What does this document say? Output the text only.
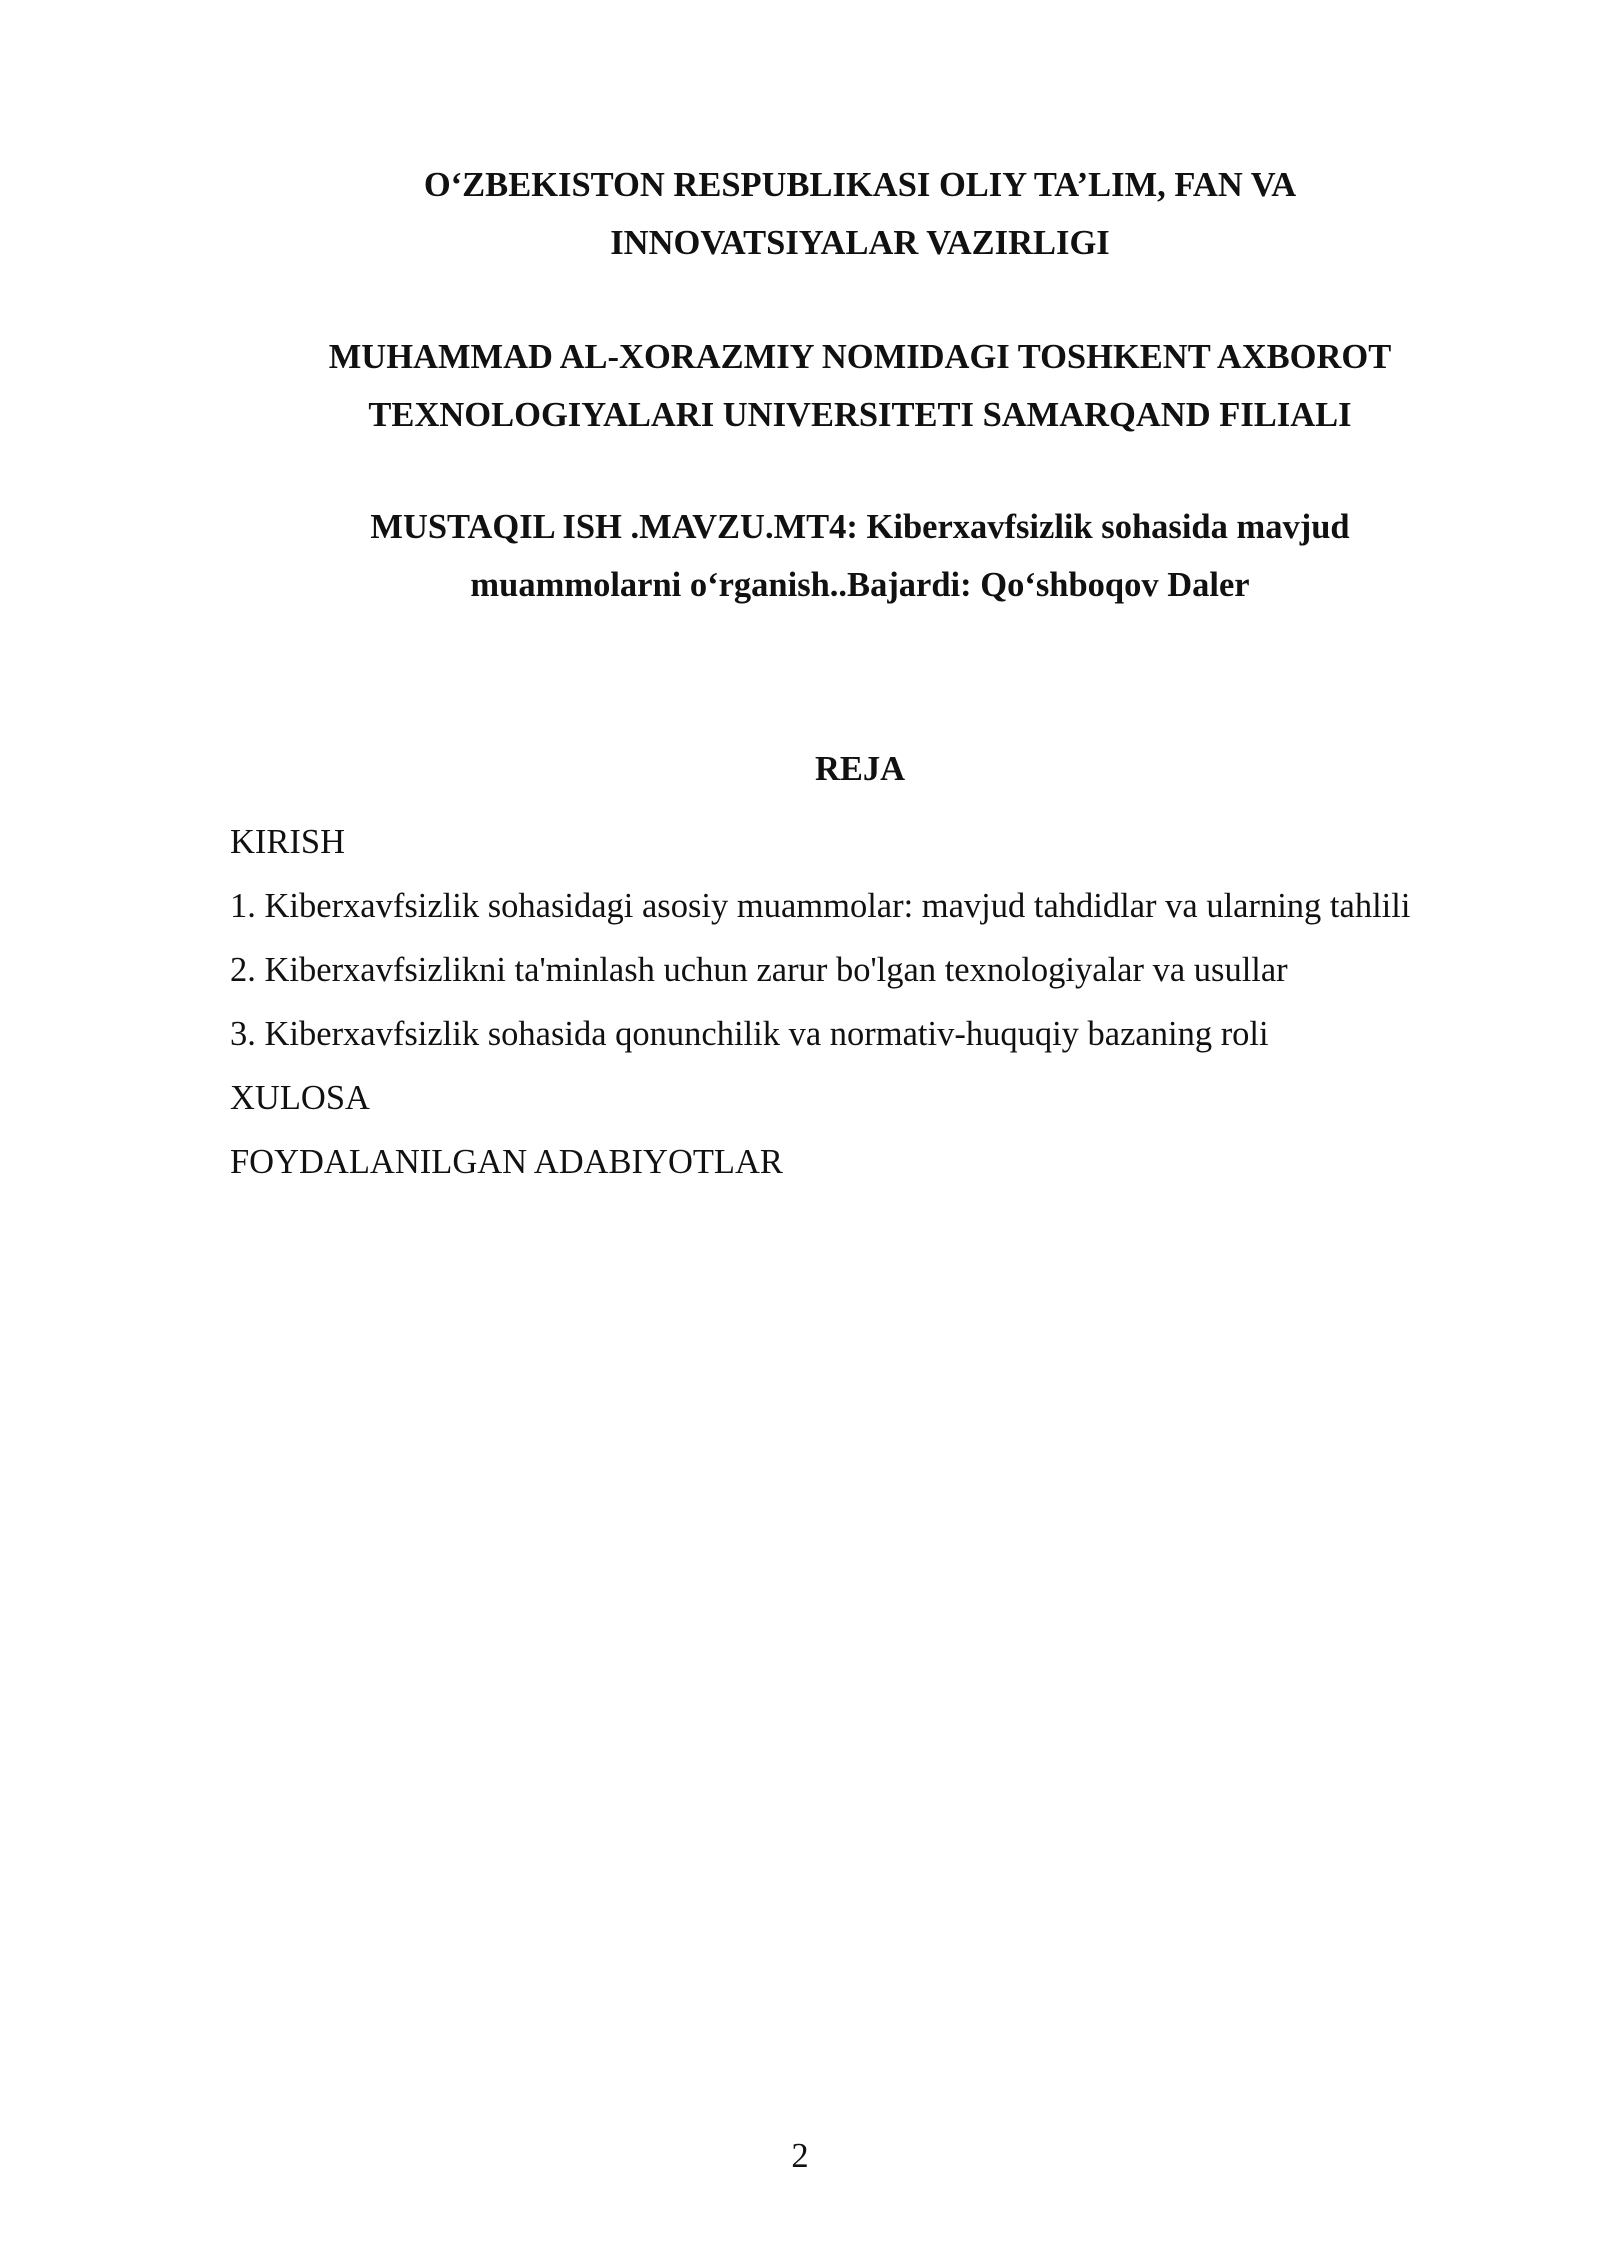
O‘ZBEKISTON RESPUBLIKASI OLIY TA’LIM, FAN VA
INNOVATSIYALAR VAZIRLIGI
MUHAMMAD AL-XORAZMIY NOMIDAGI TOSHKENT AXBOROT
TEXNOLOGIYALARI UNIVERSITETI SAMARQAND FILIALI
MUSTAQIL ISH .MAVZU.MT4: Kiberxavfsizlik sohasida mavjud
muammolarni o‘rganish..Bajardi: Qo‘shboqov Daler
REJA
KIRISH
1. Kiberxavfsizlik sohasidagi asosiy muammolar: mavjud tahdidlar va ularning tahlili
2. Kiberxavfsizlikni ta'minlash uchun zarur bo'lgan texnologiyalar va usullar
3. Kiberxavfsizlik sohasida qonunchilik va normativ-huquqiy bazaning roli
XULOSA
FOYDALANILGAN ADABIYOTLAR
2
